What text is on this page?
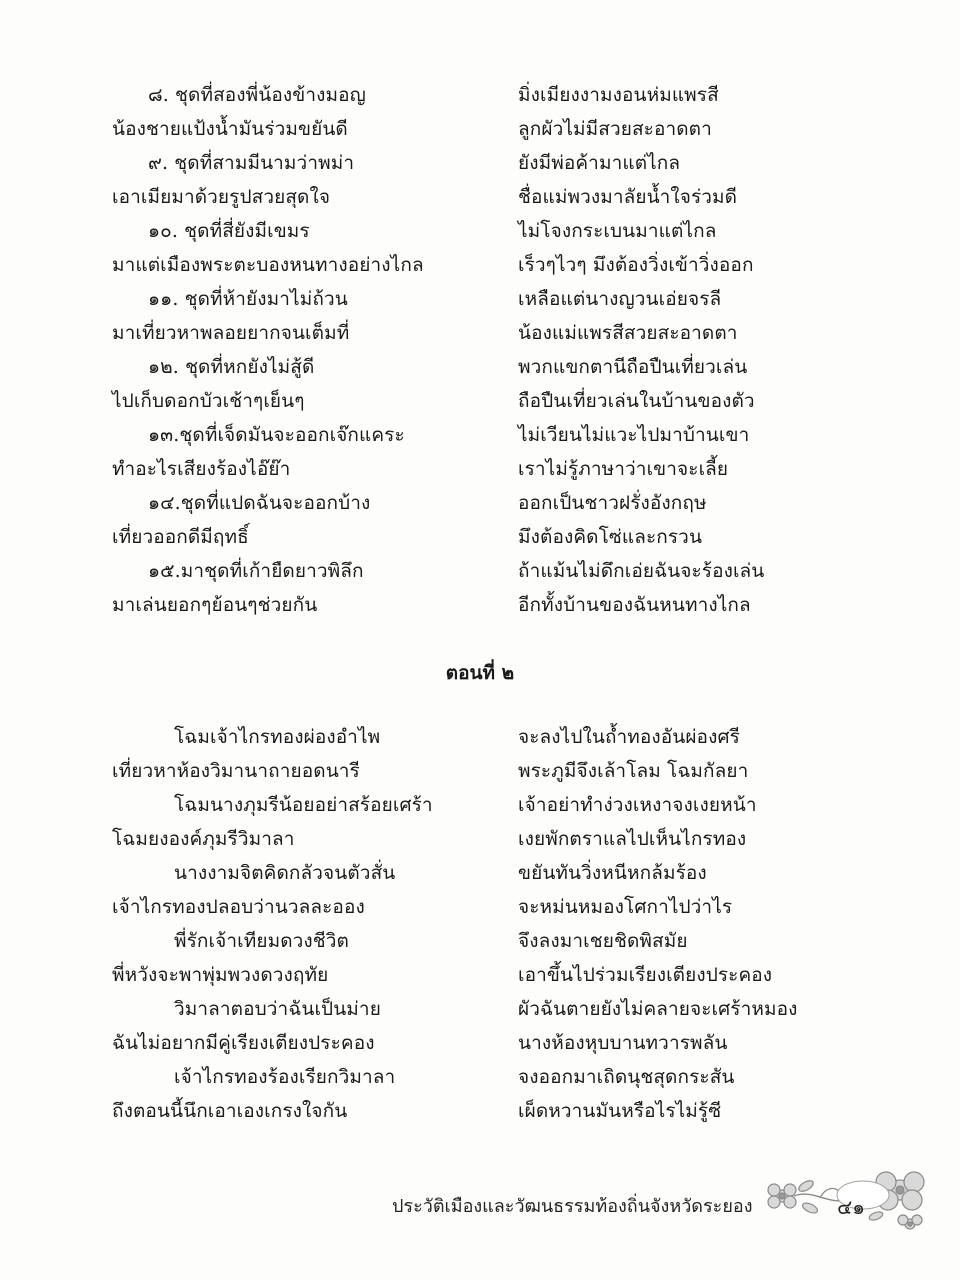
๘. ชุดที่สองพี่น้องข้างมอญ
น้องชายแป้งน้ำมันร่วมขยันดี
๙. ชุดที่สามมีนามว่าพม่า
เอาเมียมาด้วยรูปสวยสุดใจ
๑๐. ชุดที่สี่ยังมีเขมร
มาแต่เมืองพระตะบองหนทางอย่างไกล
๑๑. ชุดที่ห้ายังมาไม่ถ้วน
มาเที่ยวหาพลอยยากจนเต็มที่
๑๒. ชุดที่หกยังไม่สู้ดี
ไปเก็บดอกบัวเช้าๆเย็นๆ
๑๓.ชุดที่เจ็ดมันจะออกเจ๊กแคระ
ทำอะไรเสียงร้องไอ๊ย๊า
๑๔.ชุดที่แปดฉันจะออกบ้าง
เที่ยวออกดีมีฤทธิ์
๑๕.มาชุดที่เก้ายืดยาวพิลึก
มาเล่นยอกๆย้อนๆช่วยกัน
มิ่งเมียงงามงอนห่มแพรสี
ลูกผัวไม่มีสวยสะอาดตา
ยังมีพ่อค้ามาแต่ไกล
ชื่อแม่พวงมาลัยน้ำใจร่วมดี
ไม่โจงกระเบนมาแต่ไกล
เร็วๆไวๆ มึงต้องวิ่งเข้าวิ่งออก
เหลือแต่นางญวนเอ่ยจรลี
น้องแม่แพรสีสวยสะอาดตา
พวกแขกตานีถือปืนเที่ยวเล่น
ถือปืนเที่ยวเล่นในบ้านของตัว
ไม่เวียนไม่แวะไปมาบ้านเขา
เราไม่รู้ภาษาว่าเขาจะเลี้ย
ออกเป็นชาวฝรั่งอังกฤษ
มึงต้องคิดโซ่และกรวน
ถ้าแม้นไม่ดึกเอ่ยฉันจะร้องเล่น
อีกทั้งบ้านของฉันหนทางไกล
ตอนที่ ๒
โฉมเจ้าไกรทองผ่องอำไพ
เที่ยวหาห้องวิมานาถายอดนารี
โฉมนางภุมรีน้อยอย่าสร้อยเศร้า
โฉมยงองค์ภุมรีวิมาลา
นางงามจิตคิดกลัวจนตัวสั่น
เจ้าไกรทองปลอบว่านวลละออง
พี่รักเจ้าเทียมดวงชีวิต
พี่หวังจะพาพุ่มพวงดวงฤทัย
วิมาลาตอบว่าฉันเป็นม่าย
ฉันไม่อยากมีคู่เรียงเตียงประคอง
เจ้าไกรทองร้องเรียกวิมาลา
ถึงตอนนี้นึกเอาเองเกรงใจกัน
จะลงไปในถ้ำทองอันผ่องศรี
พระภูมีจึงเล้าโลม โฉมกัลยา
เจ้าอย่าทำง่วงเหงาจงเงยหน้า
เงยพักตราแลไปเห็นไกรทอง
ขยันทันวิ่งหนีหกล้มร้อง
จะหม่นหมองโศกาไปว่าไร
จึงลงมาเชยชิดพิสมัย
เอาขึ้นไปร่วมเรียงเตียงประคอง
ผัวฉันตายยังไม่คลายจะเศร้าหมอง
นางห้องหุบบานทวารพลัน
จงออกมาเถิดนุชสุดกระสัน
เผ็ดหวานมันหรือไรไม่รู้ซี
ประวัติเมืองและวัฒนธรรมท้องถิ่นจังหวัดระยอง	๔๑
